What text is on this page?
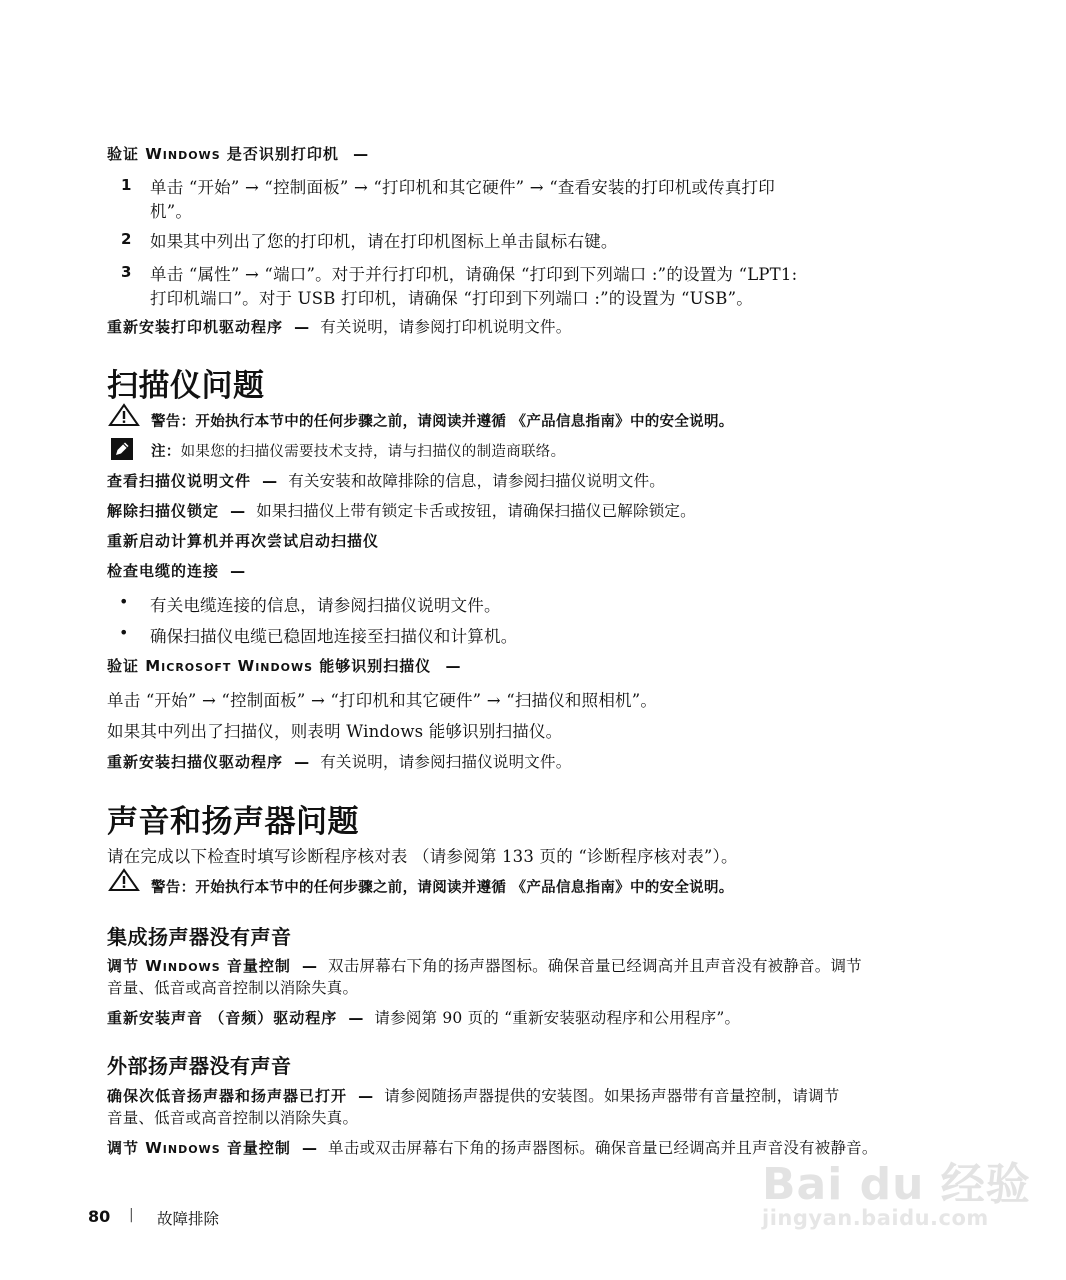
验证 Windows 是否识别打印机 —
1 单击 “开始” → “控制面板” → “打印机和其它硬件” → “查看安装的打印机或传真打印
机”。
2 如果其中列出了您的打印机，请在打印机图标上单击鼠标右键。
3 单击 “属性” → “端口”。对于并行打印机，请确保 “打印到下列端口 :”的设置为 “LPT1:
打印机端口”。对于 USB 打印机，请确保 “打印到下列端口 :”的设置为 “USB”。
重新安装打印机驱动程序 — 有关说明，请参阅打印机说明文件。
扫描仪问题
警告：开始执行本节中的任何步骤之前，请阅读并遵循 《产品信息指南》中的安全说明。
注：如果您的扫描仪需要技术支持，请与扫描仪的制造商联络。
查看扫描仪说明文件 — 有关安装和故障排除的信息，请参阅扫描仪说明文件。
解除扫描仪锁定 — 如果扫描仪上带有锁定卡舌或按钮，请确保扫描仪已解除锁定。
重新启动计算机并再次尝试启动扫描仪
检查电缆的连接 —
• 有关电缆连接的信息，请参阅扫描仪说明文件。
• 确保扫描仪电缆已稳固地连接至扫描仪和计算机。
验证 Microsoft Windows 能够识别扫描仪 —
单击 “开始” → “控制面板” → “打印机和其它硬件” → “扫描仪和照相机”。
如果其中列出了扫描仪，则表明 Windows 能够识别扫描仪。
重新安装扫描仪驱动程序 — 有关说明，请参阅扫描仪说明文件。
声音和扬声器问题
请在完成以下检查时填写诊断程序核对表 （请参阅第 133 页的 “诊断程序核对表”）。
警告：开始执行本节中的任何步骤之前，请阅读并遵循 《产品信息指南》中的安全说明。
集成扬声器没有声音
调节 Windows 音量控制 — 双击屏幕右下角的扬声器图标。确保音量已经调高并且声音没有被静音。调节
音量、低音或高音控制以消除失真。
重新安装声音 （音频）驱动程序 — 请参阅第 90 页的 “重新安装驱动程序和公用程序”。
外部扬声器没有声音
确保次低音扬声器和扬声器已打开 — 请参阅随扬声器提供的安装图。如果扬声器带有音量控制，请调节
音量、低音或高音控制以消除失真。
调节 Windows 音量控制 — 单击或双击屏幕右下角的扬声器图标。确保音量已经调高并且声音没有被静音。
80 | 故障排除
Bai du 经验
jingyan.baidu.com
